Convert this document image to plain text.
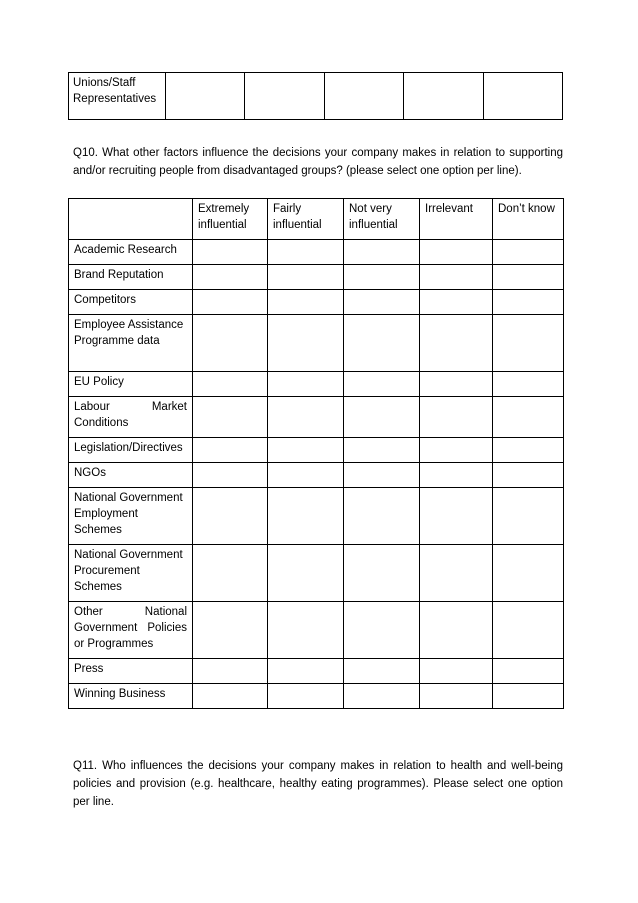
Unions/Staff Representatives					
Q10. What other factors influence the decisions your company makes in relation to supporting and/or recruiting people from disadvantaged groups? (please select one option per line).
	Extremely influential	Fairly influential	Not very influential	Irrelevant	Don’t know
Academic Research					
Brand Reputation					
Competitors					
Employee Assistance Programme data					
EU Policy					
Labour Market Conditions					
Legislation/Directives					
NGOs					
National Government Employment Schemes					
National Government Procurement Schemes					
Other National Government Policies or Programmes					
Press					
Winning Business					
Q11. Who influences the decisions your company makes in relation to health and well-being policies and provision (e.g. healthcare, healthy eating programmes). Please select one option per line.
